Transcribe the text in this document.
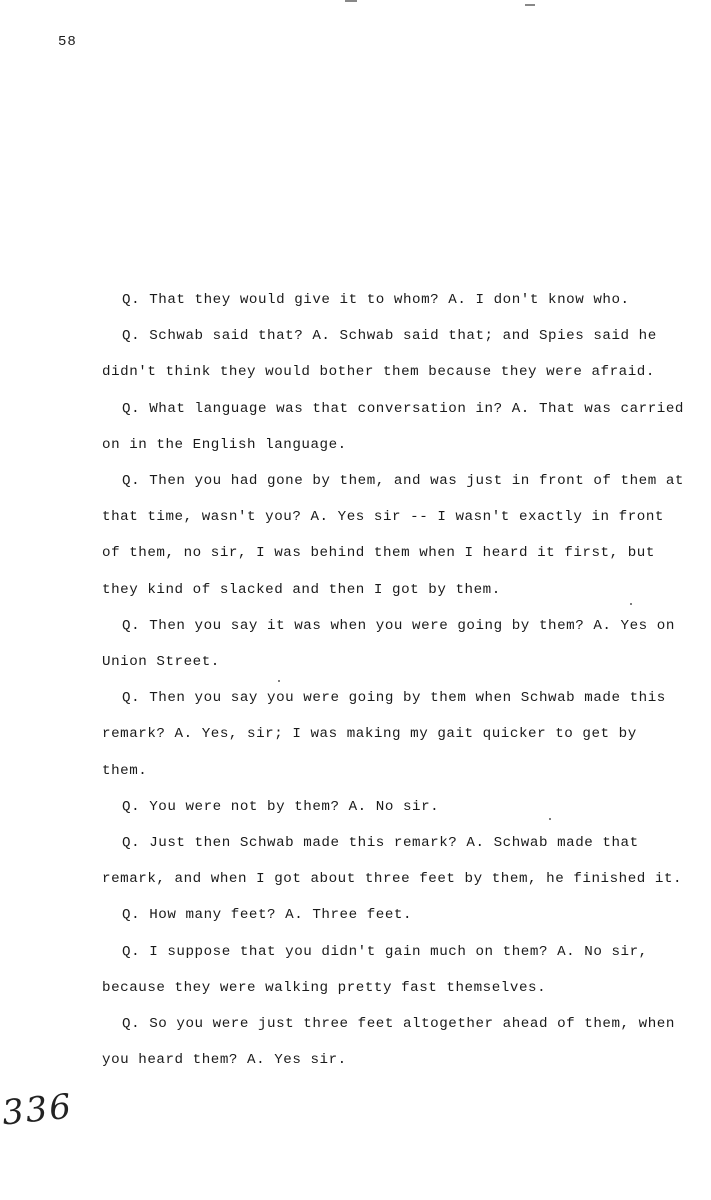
58

Q. That they would give it to whom? A. I don't know who.

Q. Schwab said that? A. Schwab said that; and Spies said he didn't think they would bother them because they were afraid.

Q. What language was that conversation in? A. That was carried on in the English language.

Q. Then you had gone by them, and was just in front of them at that time, wasn't you? A. Yes sir -- I wasn't exactly in front of them, no sir, I was behind them when I heard it first, but they kind of slacked and then I got by them.

Q. Then you say it was when you were going by them? A. Yes on Union Street.

Q. Then you say you were going by them when Schwab made this remark? A. Yes, sir; I was making my gait quicker to get by them.

Q. You were not by them? A. No sir.

Q. Just then Schwab made this remark? A. Schwab made that remark, and when I got about three feet by them, he finished it.

Q. How many feet? A. Three feet.

Q. I suppose that you didn't gain much on them? A. No sir, because they were walking pretty fast themselves.

Q. So you were just three feet altogether ahead of them, when you heard them? A. Yes sir.

336
